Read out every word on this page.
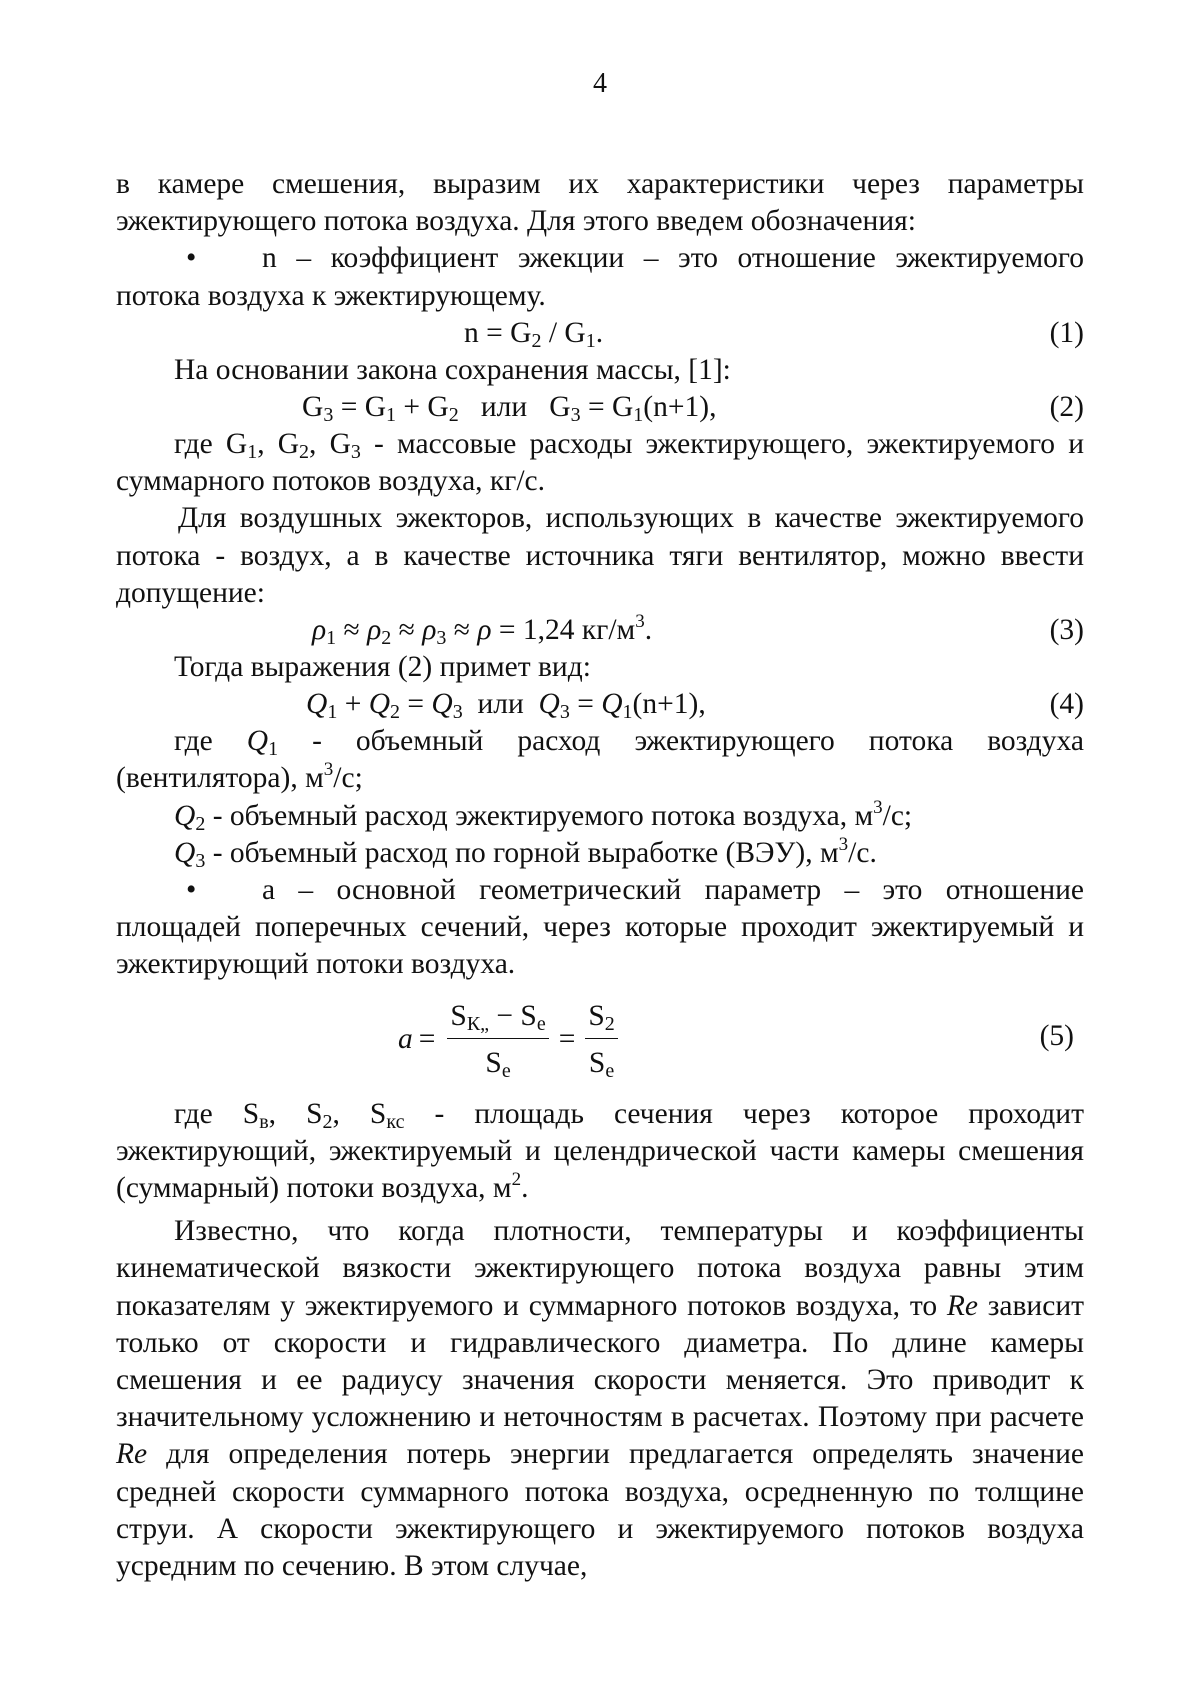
4

в камере смешения, выразим их характеристики через параметры эжектирующего потока воздуха. Для этого введем обозначения:

• n – коэффициент эжекции – это отношение эжектируемого потока воздуха к эжектирующему.

$n = G_2 / G_1$.	(1)

На основании закона сохранения массы, [1]:

$G_3 = G_1 + G_2$   или   $G_3 = G_1(n+1)$,	(2)

где $G_1$, $G_2$, $G_3$ - массовые расходы эжектирующего, эжектируемого и суммарного потоков воздуха, кг/с.

Для воздушных эжекторов, использующих в качестве эжектируемого потока - воздух, а в качестве источника тяги вентилятор, можно ввести допущение:

$\rho_1 \approx \rho_2 \approx \rho_3 \approx \rho = 1,24$ $кг/м^3$.	(3)

Тогда выражения (2) примет вид:

$Q_1 + Q_2 = Q_3$  или  $Q_3 = Q_1(n+1)$,	(4)

где $Q_1$ - объемный расход эжектирующего потока воздуха (вентилятора), $м^3/с$;

$Q_2$ - объемный расход эжектируемого потока воздуха, $м^3/с$;

$Q_3$ - объемный расход по горной выработке (ВЭУ), $м^3/с$.

• a – основной геометрический параметр – это отношение площадей поперечных сечений, через которые проходит эжектируемый и эжектирующий потоки воздуха.

$a = \frac{S_{К„} - S_е}{S_е} = \frac{S_2}{S_е}$	(5)

где $S_в$, $S_2$, $S_{кс}$ - площадь сечения через которое проходит эжектирующий, эжектируемый и целендрической части камеры смешения (суммарный) потоки воздуха, $м^2$.

Известно, что когда плотности, температуры и коэффициенты кинематической вязкости эжектирующего потока воздуха равны этим показателям у эжектируемого и суммарного потоков воздуха, то Re зависит только от скорости и гидравлического диаметра. По длине камеры смешения и ее радиусу значения скорости меняется. Это приводит к значительному усложнению и неточностям в расчетах. Поэтому при расчете Re для определения потерь энергии предлагается определять значение средней скорости суммарного потока воздуха, осредненную по толщине струи. А скорости эжектирующего и эжектируемого потоков воздуха усредним по сечению. В этом случае,
